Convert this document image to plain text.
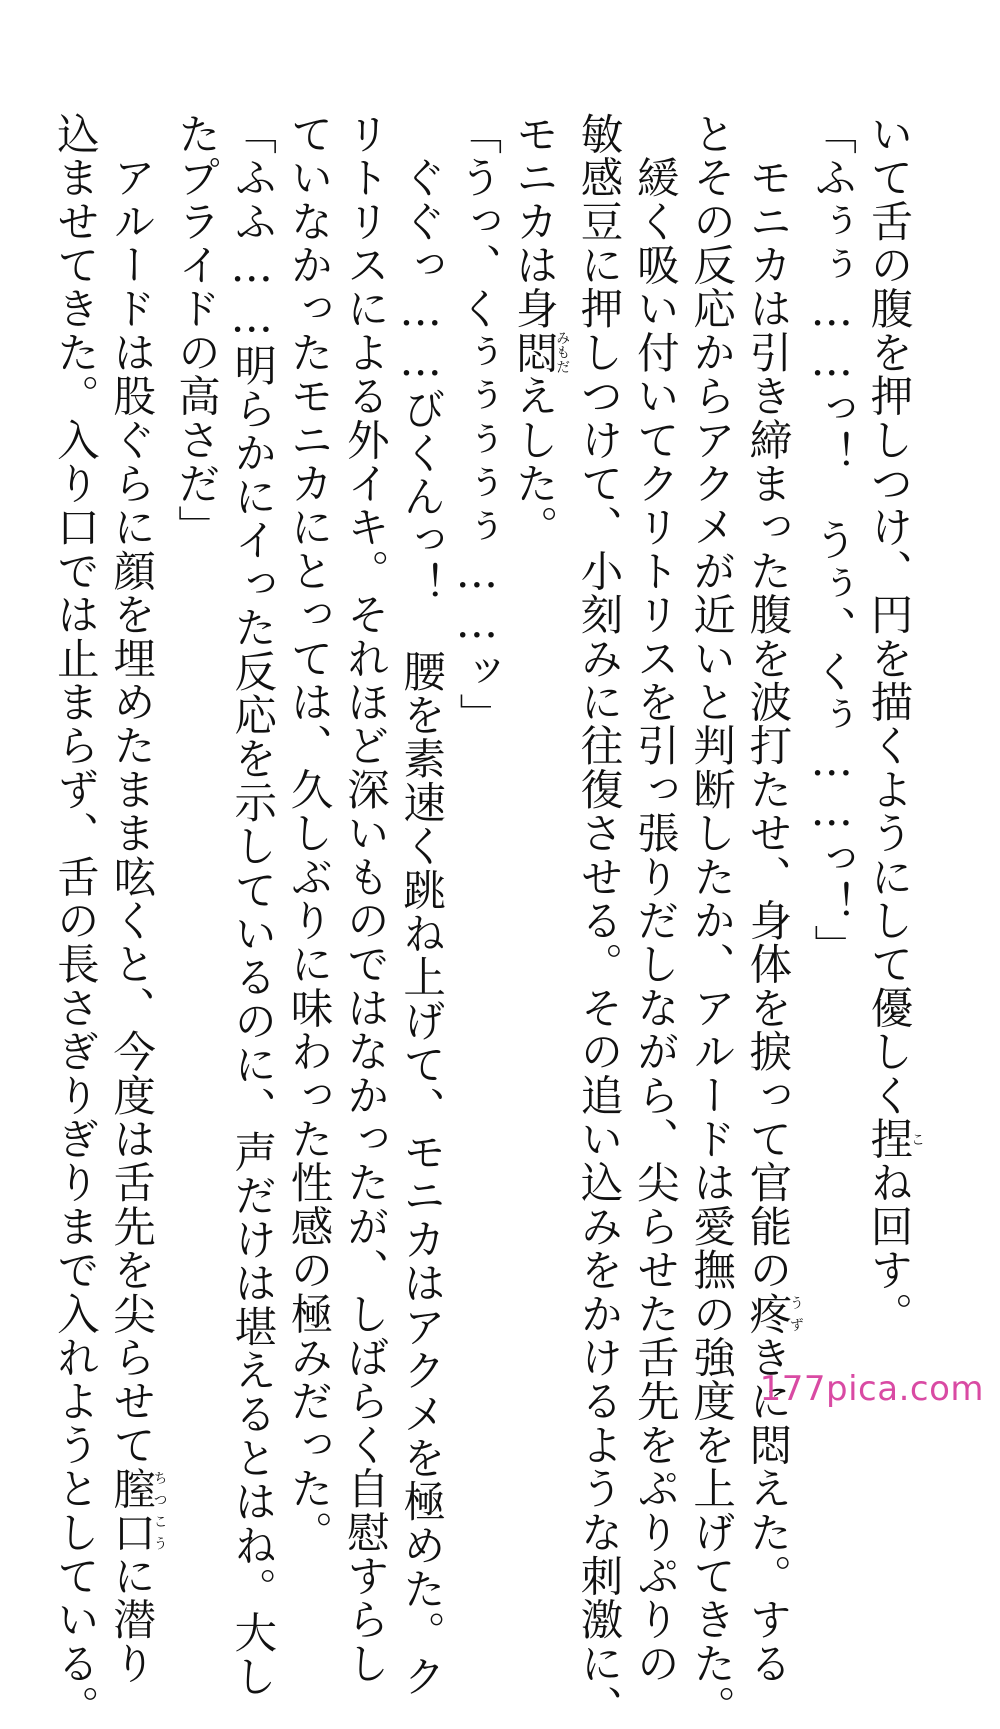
いて舌の腹を押しつけ、円を描くようにして優しく捏こね回す。
「ふぅぅ……っ！　うぅ、くぅ……っ！」
　モニカは引き締まった腹を波打たせ、身体を捩って官能の疼うずきに悶えた。する
とその反応からアクメが近いと判断したか、アルードは愛撫の強度を上げてきた。
　緩く吸い付いてクリトリスを引っ張りだしながら、尖らせた舌先をぷりぷりの
敏感豆に押しつけて、小刻みに往復させる。その追い込みをかけるような刺激に、
モニカは身悶みもだえした。
「うっ、くぅぅぅぅぅ……ッ」
　ぐぐっ……びくんっ！　腰を素速く跳ね上げて、モニカはアクメを極めた。ク
リトリスによる外イキ。それほど深いものではなかったが、しばらく自慰すらし
ていなかったモニカにとっては、久しぶりに味わった性感の極みだった。
「ふふ……明らかにイった反応を示しているのに、声だけは堪えるとはね。大し
たプライドの高さだ」
　アルードは股ぐらに顔を埋めたまま呟くと、今度は舌先を尖らせて膣口ちつこうに潜り
込ませてきた。入り口では止まらず、舌の長さぎりぎりまで入れようとしている。	177pica.com
